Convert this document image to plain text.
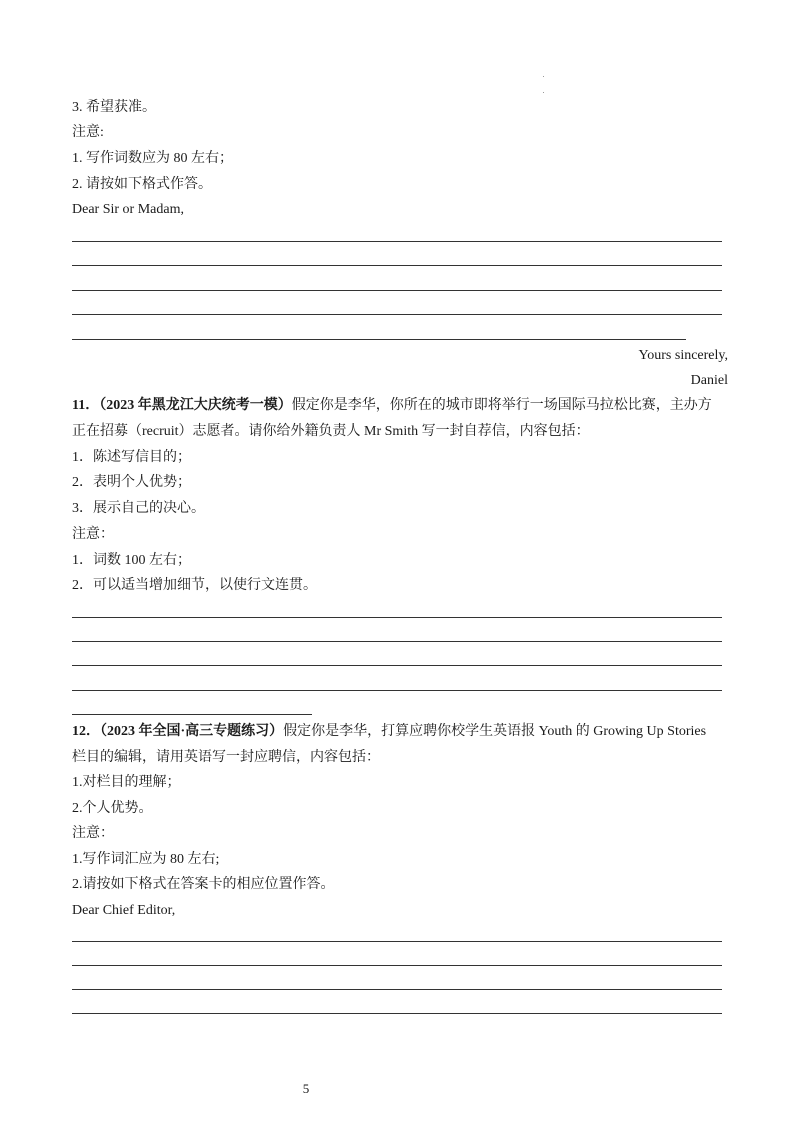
3. 希望获准。
注意:
1. 写作词数应为 80 左右；
2. 请按如下格式作答。
Dear Sir or Madam,
Yours sincerely,
Daniel
11．（2023 年黑龙江大庆统考一模）假定你是李华，你所在的城市即将举行一场国际马拉松比赛，主办方
正在招募（recruit）志愿者。请你给外籍负责人 Mr Smith 写一封自荐信，内容包括：
1．陈述写信目的；
2．表明个人优势；
3．展示自己的决心。
注意：
1．词数 100 左右；
2．可以适当增加细节，以使行文连贯。
12．（2023 年全国·高三专题练习）假定你是李华，打算应聘你校学生英语报 Youth 的 Growing Up Stories
栏目的编辑，请用英语写一封应聘信，内容包括：
1.对栏目的理解；
2.个人优势。
注意：
1.写作词汇应为 80 左右;
2.请按如下格式在答案卡的相应位置作答。
Dear Chief Editor,
5
